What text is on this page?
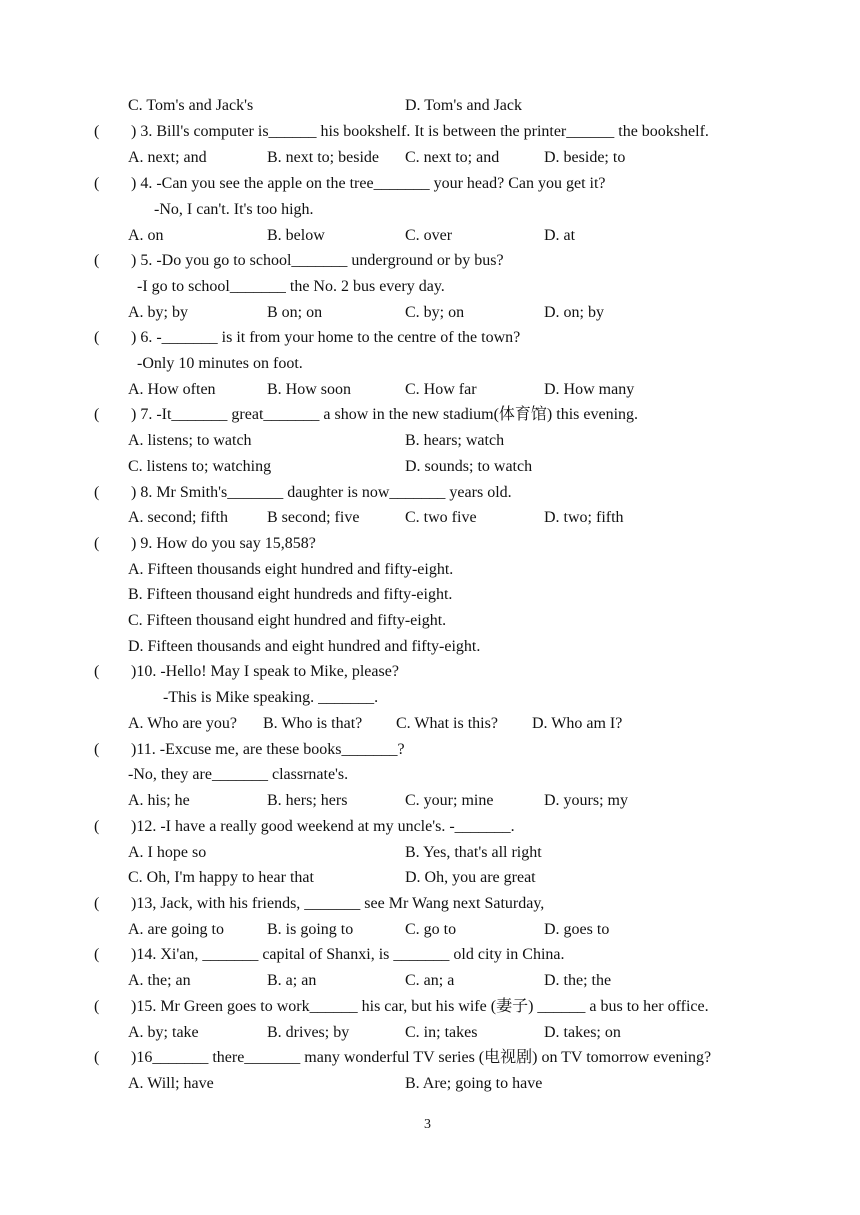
C. Tom's and Jack's	D. Tom's and Jack
( ) 3. Bill's computer is______ his bookshelf. It is between the printer______ the bookshelf.
A. next; and	B. next to; beside C. next to; and	D. beside; to
( ) 4. -Can you see the apple on the tree_______ your head? Can you get it?
-No, I can't. It's too high.
A. on	B. below	C. over	D. at
( ) 5. -Do you go to school_______ underground or by bus?
-I go to school_______ the No. 2 bus every day.
A. by; by	B on; on	C. by; on	D. on; by
( ) 6. -_______ is it from your home to the centre of the town?
-Only 10 minutes on foot.
A. How often	B. How soon	C. How far	D. How many
( ) 7. -It_______ great_______ a show in the new stadium(体育馆) this evening.
A. listens; to watch	B. hears; watch
C. listens to; watching	D. sounds; to watch
( ) 8. Mr Smith's_______ daughter is now_______ years old.
A. second; fifth B second; five	C. two five	D. two; fifth
( ) 9. How do you say 15,858?
A. Fifteen thousands eight hundred and fifty-eight.
B. Fifteen thousand eight hundreds and fifty-eight.
C. Fifteen thousand eight hundred and fifty-eight.
D. Fifteen thousands and eight hundred and fifty-eight.
( )10. -Hello! May I speak to Mike, please?
-This is Mike speaking. _______.
A. Who are you? B. Who is that? C. What is this? D. Who am I?
( )11. -Excuse me, are these books_______?
-No, they are_______ classrnate's.
A. his; he	B. hers; hers	C. your; mine	D. yours; my
( )12. -I have a really good weekend at my uncle's. -_______.
A. I hope so	B. Yes, that's all right
C. Oh, I'm happy to hear that	D. Oh, you are great
( )13, Jack, with his friends, _______ see Mr Wang next Saturday,
A. are going to	B. is going to	C. go to	D. goes to
( )14. Xi'an, _______ capital of Shanxi, is _______ old city in China.
A. the; an	B. a; an	C. an; a	D. the; the
( )15. Mr Green goes to work______ his car, but his wife (妻子) ______ a bus to her office.
A. by; take	B. drives; by	C. in; takes	D. takes; on
( )16_______ there_______ many wonderful TV series (电视剧) on TV tomorrow evening?
A. Will; have	B. Are; going to have
3
